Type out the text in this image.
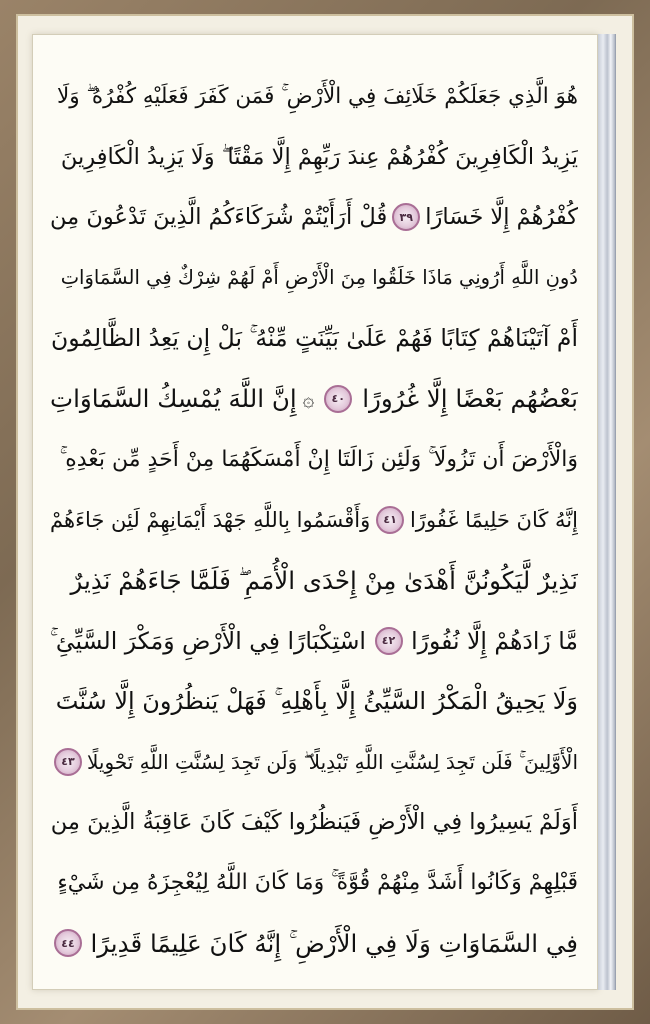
هُوَ الَّذِي جَعَلَكُمْ خَلَائِفَ فِي الْأَرْضِ ۚ فَمَن كَفَرَ فَعَلَيْهِ كُفْرُهُ ۖ وَلَا
يَزِيدُ الْكَافِرِينَ كُفْرُهُمْ عِندَ رَبِّهِمْ إِلَّا مَقْتًا ۖ وَلَا يَزِيدُ الْكَافِرِينَ
كُفْرُهُمْ إِلَّا خَسَارًا
٣٩
قُلْ أَرَأَيْتُمْ شُرَكَاءَكُمُ الَّذِينَ تَدْعُونَ مِن
دُونِ اللَّهِ أَرُونِي مَاذَا خَلَقُوا مِنَ الْأَرْضِ أَمْ لَهُمْ شِرْكٌ فِي السَّمَاوَاتِ
أَمْ آتَيْنَاهُمْ كِتَابًا فَهُمْ عَلَىٰ بَيِّنَتٍ مِّنْهُ ۚ بَلْ إِن يَعِدُ الظَّالِمُونَ
بَعْضُهُم بَعْضًا إِلَّا غُرُورًا
٤٠
۞
إِنَّ اللَّهَ يُمْسِكُ السَّمَاوَاتِ
وَالْأَرْضَ أَن تَزُولَا ۚ وَلَئِن زَالَتَا إِنْ أَمْسَكَهُمَا مِنْ أَحَدٍ مِّن بَعْدِهِ ۚ
إِنَّهُ كَانَ حَلِيمًا غَفُورًا
٤١
وَأَقْسَمُوا بِاللَّهِ جَهْدَ أَيْمَانِهِمْ لَئِن جَاءَهُمْ
نَذِيرٌ لَّيَكُونُنَّ أَهْدَىٰ مِنْ إِحْدَى الْأُمَمِ ۖ فَلَمَّا جَاءَهُمْ نَذِيرٌ
مَّا زَادَهُمْ إِلَّا نُفُورًا
٤٢
اسْتِكْبَارًا فِي الْأَرْضِ وَمَكْرَ السَّيِّئِ ۚ
وَلَا يَحِيقُ الْمَكْرُ السَّيِّئُ إِلَّا بِأَهْلِهِ ۚ فَهَلْ يَنظُرُونَ إِلَّا سُنَّتَ
الْأَوَّلِينَ ۚ فَلَن تَجِدَ لِسُنَّتِ اللَّهِ تَبْدِيلًا ۖ وَلَن تَجِدَ لِسُنَّتِ اللَّهِ تَحْوِيلًا
٤٣
أَوَلَمْ يَسِيرُوا فِي الْأَرْضِ فَيَنظُرُوا كَيْفَ كَانَ عَاقِبَةُ الَّذِينَ مِن
قَبْلِهِمْ وَكَانُوا أَشَدَّ مِنْهُمْ قُوَّةً ۚ وَمَا كَانَ اللَّهُ لِيُعْجِزَهُ مِن شَيْءٍ
فِي السَّمَاوَاتِ وَلَا فِي الْأَرْضِ ۚ إِنَّهُ كَانَ عَلِيمًا قَدِيرًا
٤٤
